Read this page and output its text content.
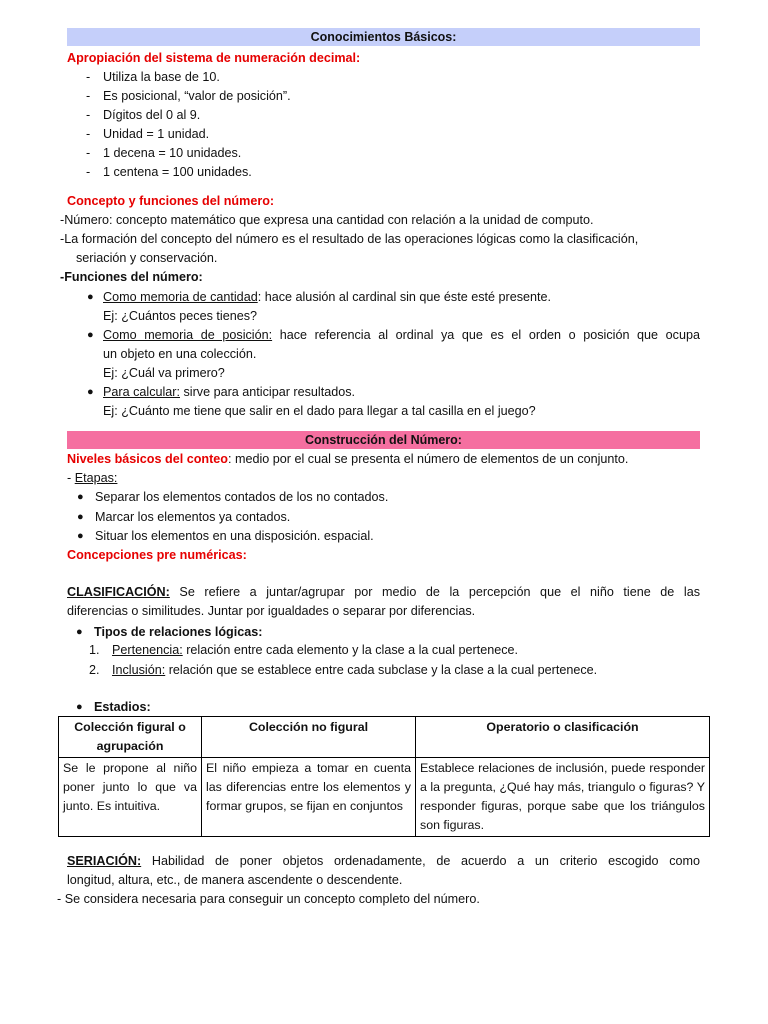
Conocimientos Básicos:
Apropiación del sistema de numeración decimal:
- Utiliza la base de 10.
- Es posicional, “valor de posición”.
- Dígitos del 0 al 9.
- Unidad = 1 unidad.
- 1 decena = 10 unidades.
- 1 centena = 100 unidades.
Concepto y funciones del número:
-Número: concepto matemático que expresa una cantidad con relación a la unidad de computo.
-La formación del concepto del número es el resultado de las operaciones lógicas como la clasificación,
seriación y conservación.
-Funciones del número:
● Como memoria de cantidad: hace alusión al cardinal sin que éste esté presente.
Ej: ¿Cuántos peces tienes?
● Como memoria de posición: hace referencia al ordinal ya que es el orden o posición que ocupa
un objeto en una colección.
Ej: ¿Cuál va primero?
● Para calcular: sirve para anticipar resultados.
Ej: ¿Cuánto me tiene que salir en el dado para llegar a tal casilla en el juego?
Construcción del Número:
Niveles básicos del conteo: medio por el cual se presenta el número de elementos de un conjunto.
- Etapas:
● Separar los elementos contados de los no contados.
● Marcar los elementos ya contados.
● Situar los elementos en una disposición. espacial.
Concepciones pre numéricas:
CLASIFICACIÓN: Se refiere a juntar/agrupar por medio de la percepción que el niño tiene de las
diferencias o similitudes. Juntar por igualdades o separar por diferencias.
● Tipos de relaciones lógicas:
1. Pertenencia: relación entre cada elemento y la clase a la cual pertenece.
2. Inclusión: relación que se establece entre cada subclase y la clase a la cual pertenece.
● Estadios:
Colección figural o agrupación	Colección no figural	Operatorio o clasificación
Se le propone al niño poner junto lo que va junto. Es intuitiva.	El niño empieza a tomar en cuenta las diferencias entre los elementos y formar grupos, se fijan en conjuntos	Establece relaciones de inclusión, puede responder a la pregunta, ¿Qué hay más, triangulo o figuras? Y responder figuras, porque sabe que los triángulos son figuras.
SERIACIÓN: Habilidad de poner objetos ordenadamente, de acuerdo a un criterio escogido como
longitud, altura, etc., de manera ascendente o descendente.
- Se considera necesaria para conseguir un concepto completo del número.
